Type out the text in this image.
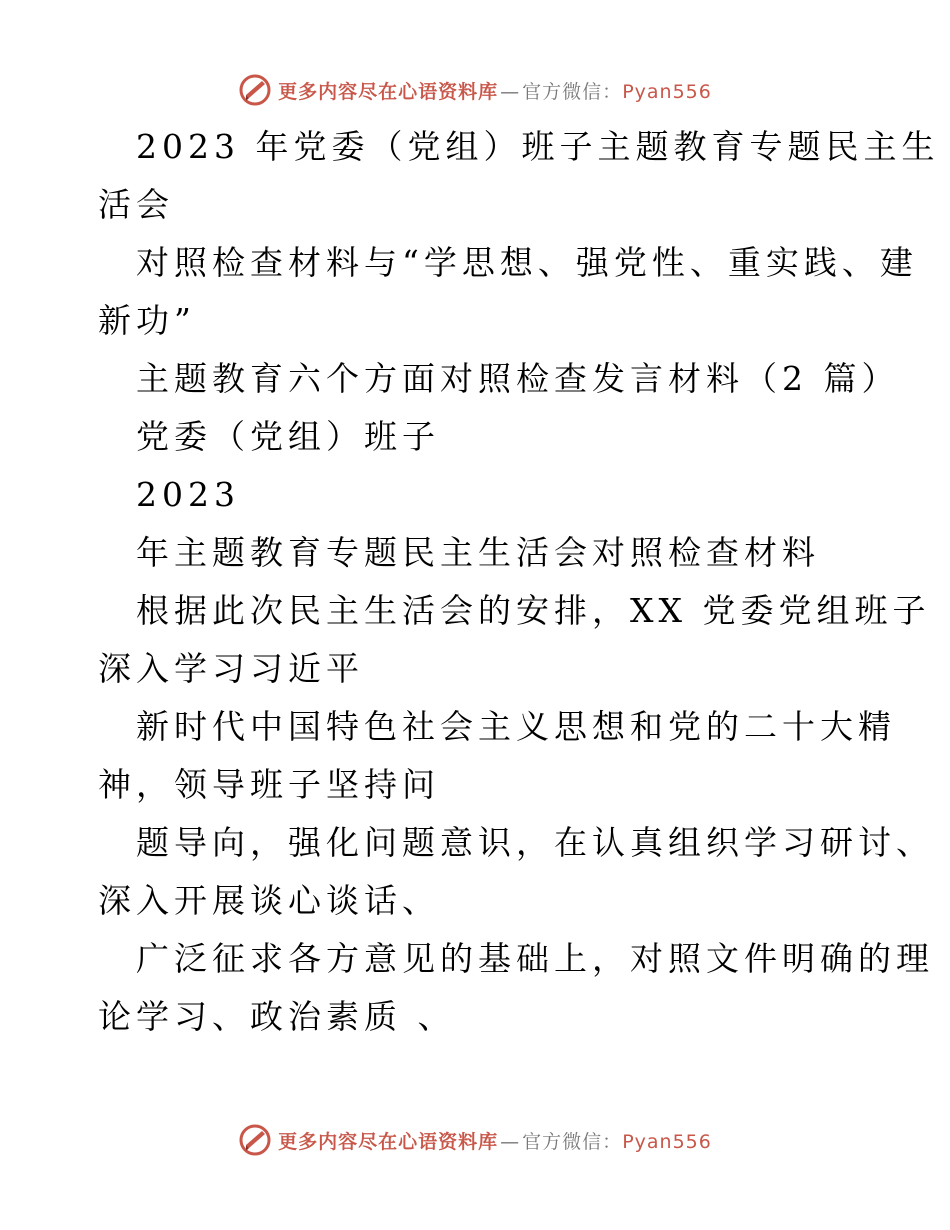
更多内容尽在心语资料库 — 官方微信：Pyan556
2023 年党委（党组）班子主题教育专题民主生
活会
对照检查材料与“学思想、强党性、重实践、建
新功”
主题教育六个方面对照检查发言材料（2 篇）
党委（党组）班子
2023
年主题教育专题民主生活会对照检查材料
根据此次民主生活会的安排，XX 党委党组班子
深入学习习近平
新时代中国特色社会主义思想和党的二十大精
神，领导班子坚持问
题导向，强化问题意识，在认真组织学习研讨、
深入开展谈心谈话、
广泛征求各方意见的基础上，对照文件明确的理
论学习、政治素质 、
更多内容尽在心语资料库 — 官方微信：Pyan556
